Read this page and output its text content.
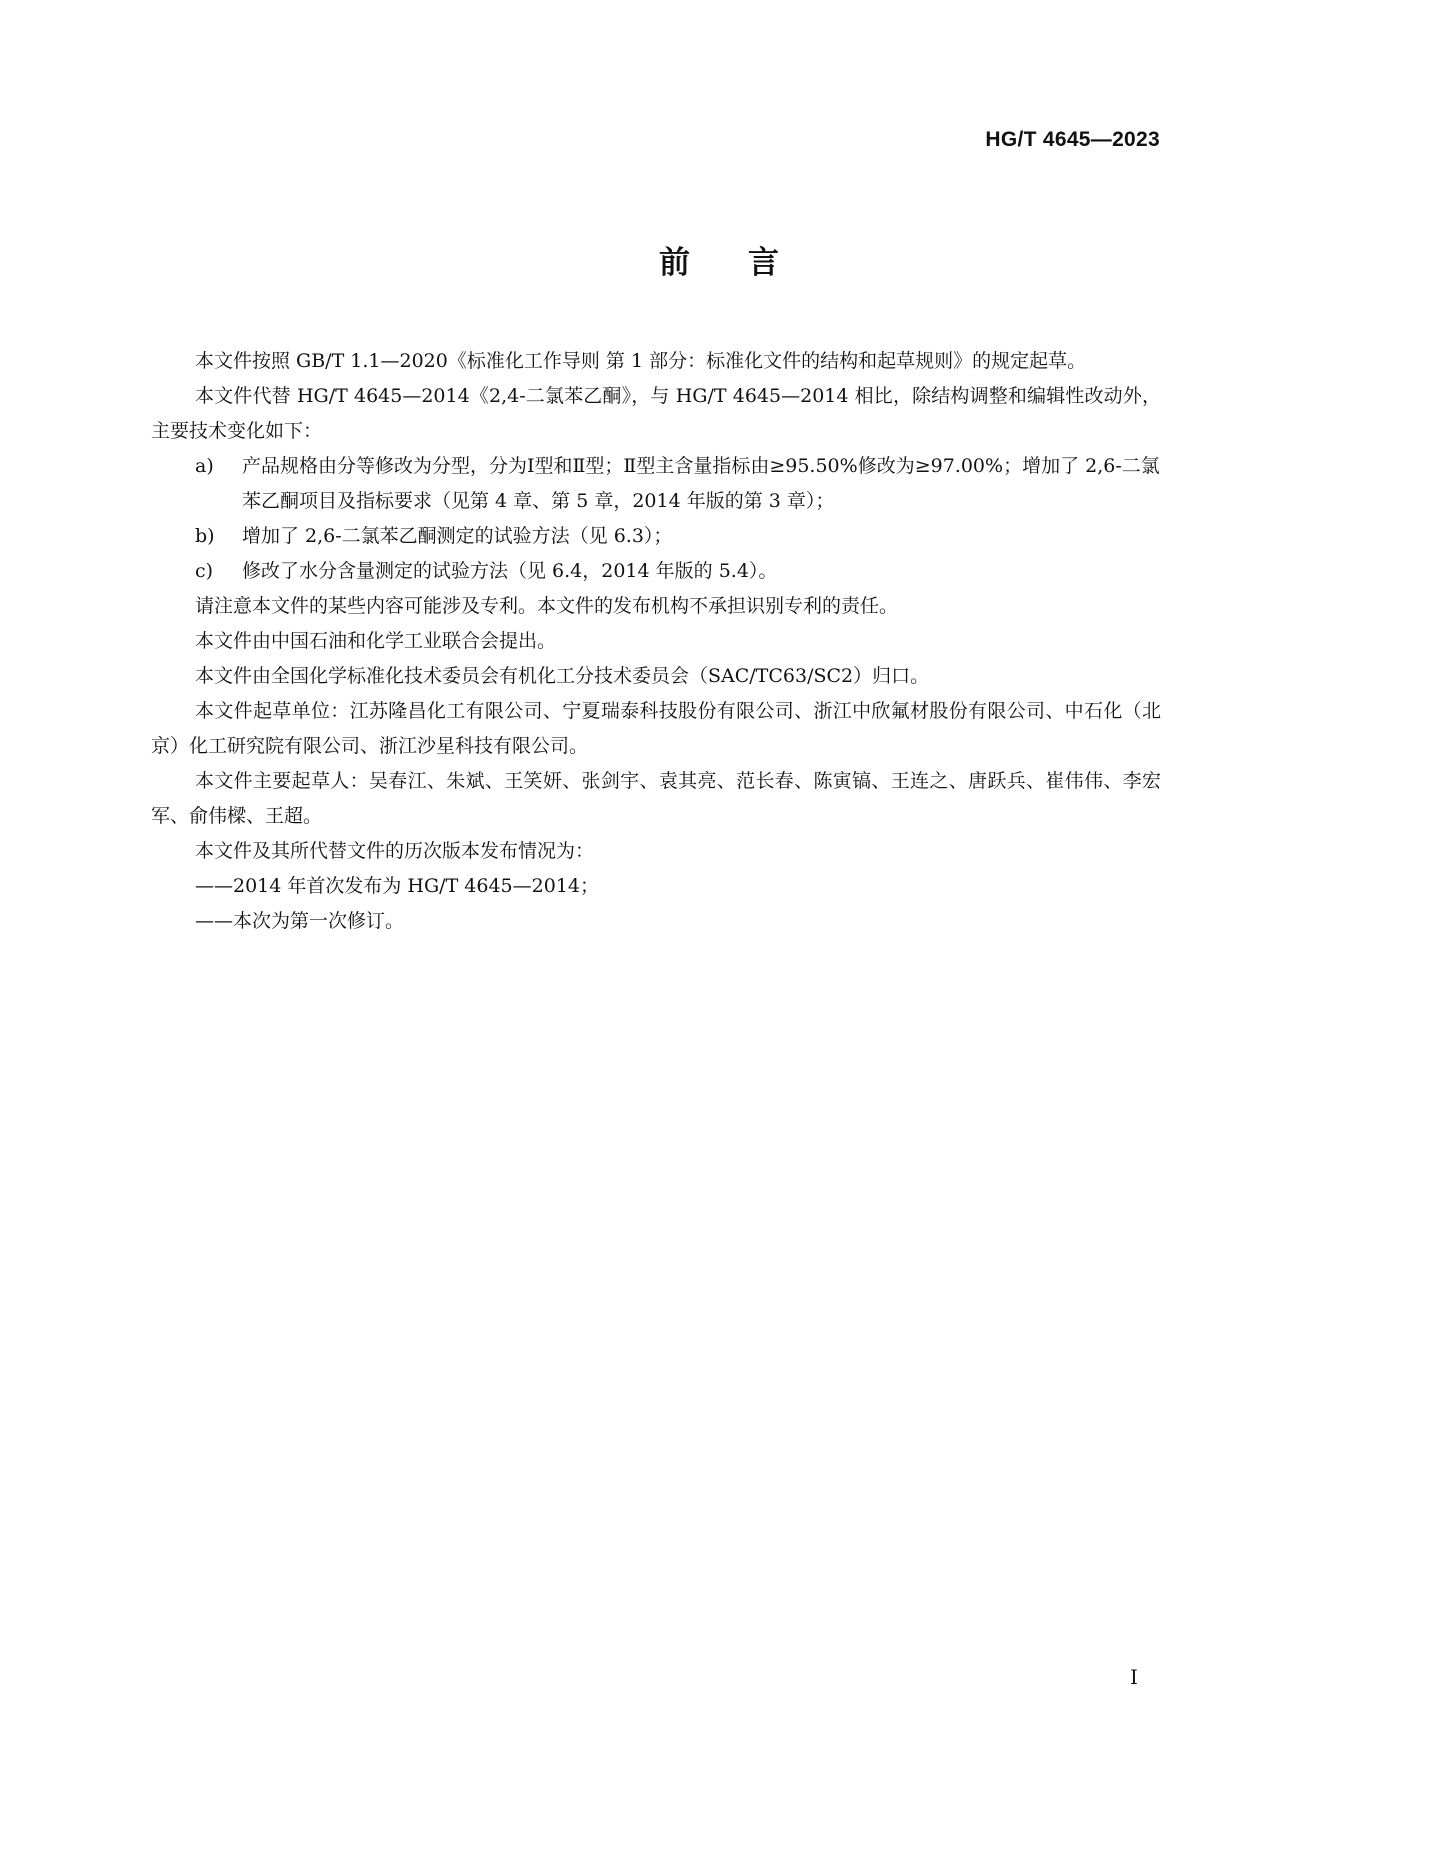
HG/T 4645—2023
前言

本文件按照 GB/T 1.1—2020《标准化工作导则 第 1 部分：标准化文件的结构和起草规则》的规定起草。

本文件代替 HG/T 4645—2014《2,4-二氯苯乙酮》，与 HG/T 4645—2014 相比，除结构调整和编辑性改动外，主要技术变化如下：

a) 产品规格由分等修改为分型，分为Ⅰ型和Ⅱ型；Ⅱ型主含量指标由≥95.50%修改为≥97.00%；增加了 2,6-二氯苯乙酮项目及指标要求（见第 4 章、第 5 章，2014 年版的第 3 章）；
b) 增加了 2,6-二氯苯乙酮测定的试验方法（见 6.3）；
c) 修改了水分含量测定的试验方法（见 6.4，2014 年版的 5.4）。

请注意本文件的某些内容可能涉及专利。本文件的发布机构不承担识别专利的责任。

本文件由中国石油和化学工业联合会提出。

本文件由全国化学标准化技术委员会有机化工分技术委员会（SAC/TC63/SC2）归口。

本文件起草单位：江苏隆昌化工有限公司、宁夏瑞泰科技股份有限公司、浙江中欣氟材股份有限公司、中石化（北京）化工研究院有限公司、浙江沙星科技有限公司。

本文件主要起草人：吴春江、朱斌、王笑妍、张剑宇、袁其亮、范长春、陈寅镐、王连之、唐跃兵、崔伟伟、李宏军、俞伟樑、王超。

本文件及其所代替文件的历次版本发布情况为：

——2014 年首次发布为 HG/T 4645—2014；

——本次为第一次修订。

I
